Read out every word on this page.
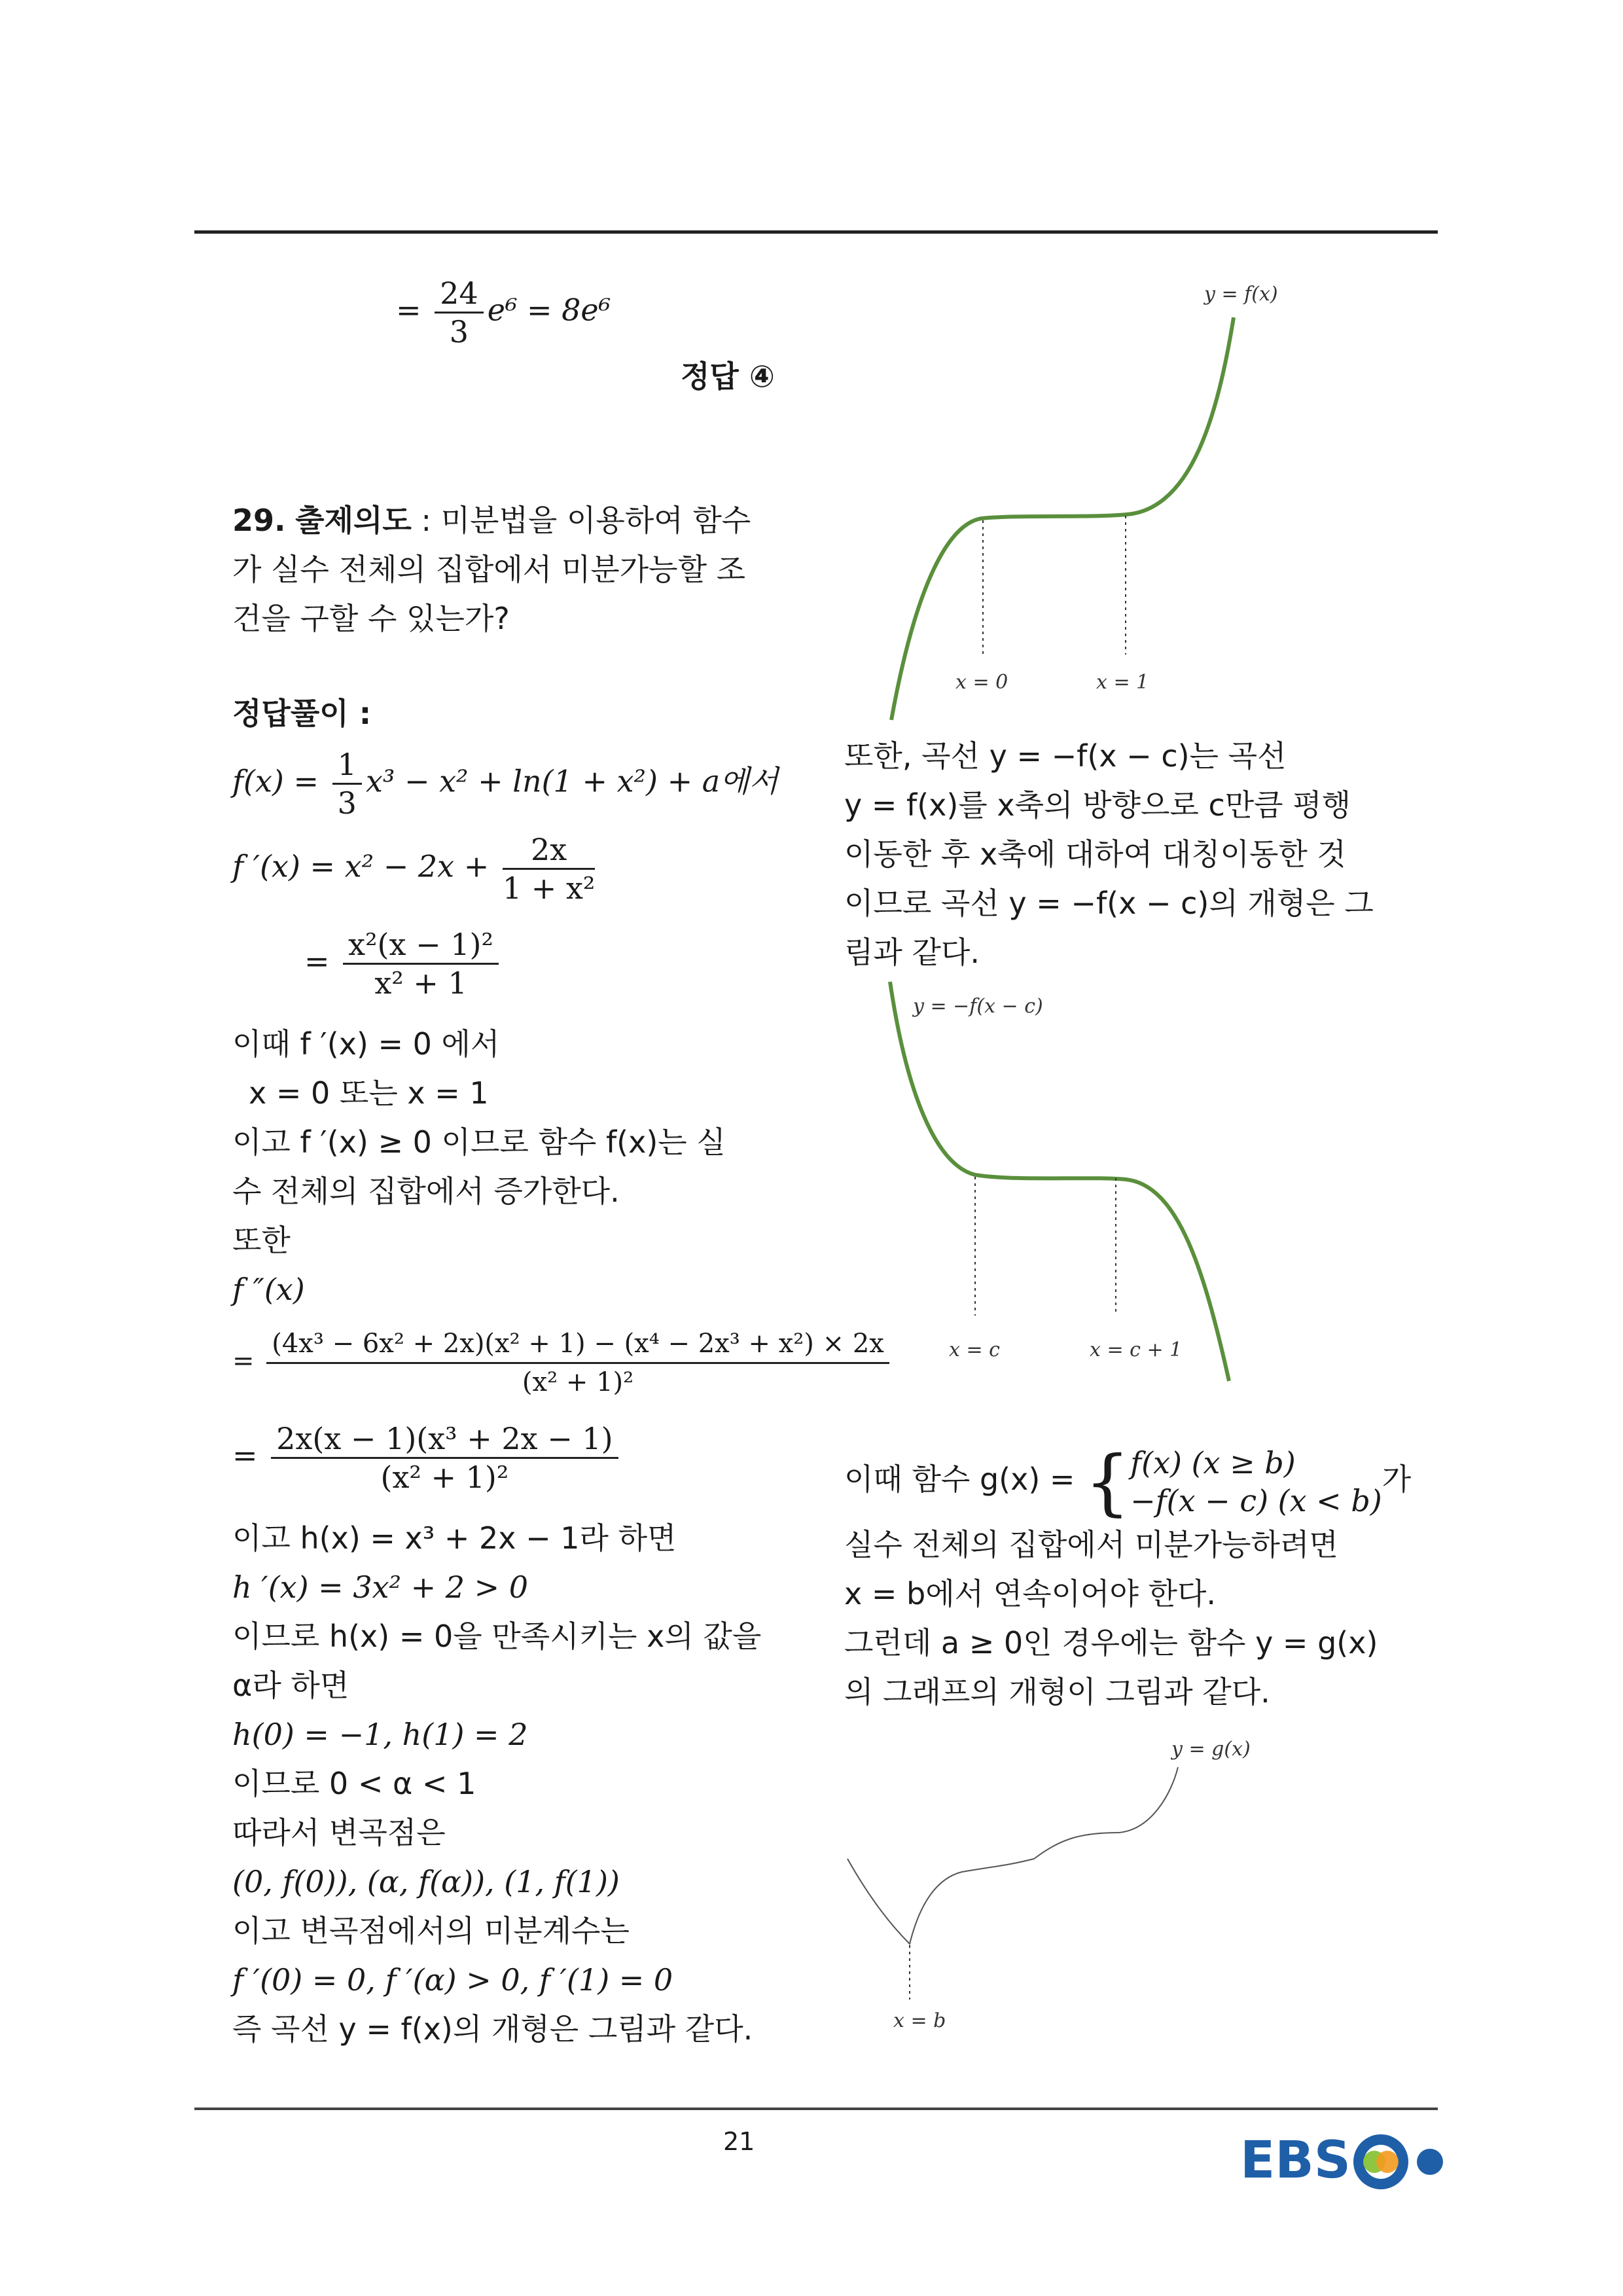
= $\frac{24}{3} e^6 = 8e^6$
정답 ④
29. 출제의도 : 미분법을 이용하여 함수
가 실수 전체의 집합에서 미분가능할 조
건을 구할 수 있는가?
정답풀이 :
$f(x) = \frac{1}{3} x^3 - x^2 + \ln(1 + x^2) + a$에서
f $'(x) = x^2 - 2x + \frac{2x}{\text{1 + x²}}$
= $\frac{\text{x²(x − 1)²}}{\text{x² + 1}}$
이때 f ′(x) = 0 에서
x = 0 또는 x = 1
이고 f ′(x) ≥ 0 이므로 함수 f(x)는 실
수 전체의 집합에서 증가한다.
또한
f ″(x)
= $\frac{\text{(4x³ − 6x² + 2x)(x² + 1) − (x⁴ − 2x³ + x²) × 2x}}{\text{(x² + 1)²}}$
= $\frac{\text{2x(x − 1)(x³ + 2x − 1)}}{\text{(x² + 1)²}}$
이고 h(x) = x³ + 2x − 1라 하면
h ′(x) = 3x² + 2 > 0
이므로 h(x) = 0을 만족시키는 x의 값을
α라 하면
h(0) = −1, h(1) = 2
이므로 0 < α < 1
따라서 변곡점은
(0, f(0)), (α, f(α)), (1, f(1))
이고 변곡점에서의 미분계수는
f ′(0) = 0, f ′(α) > 0, f ′(1) = 0
즉 곡선 y = f(x)의 개형은 그림과 같다.
또한, 곡선 y = −f(x − c)는 곡선
y = f(x)를 x축의 방향으로 c만큼 평행
이동한 후 x축에 대하여 대칭이동한 것
이므로 곡선 y = −f(x − c)의 개형은 그
림과 같다.
이때 함수 g(x) = { f(x) (x ≥ b)
−f(x − c) (x < b)
가
실수 전체의 집합에서 미분가능하려면
x = b에서 연속이어야 한다.
그런데 a ≥ 0인 경우에는 함수 y = g(x)
의 그래프의 개형이 그림과 같다.
y = f(x)
x = 0	x = 1
y = −f(x − c)
x = c	x = c + 1
y = g(x)
x = b
21	EBS
